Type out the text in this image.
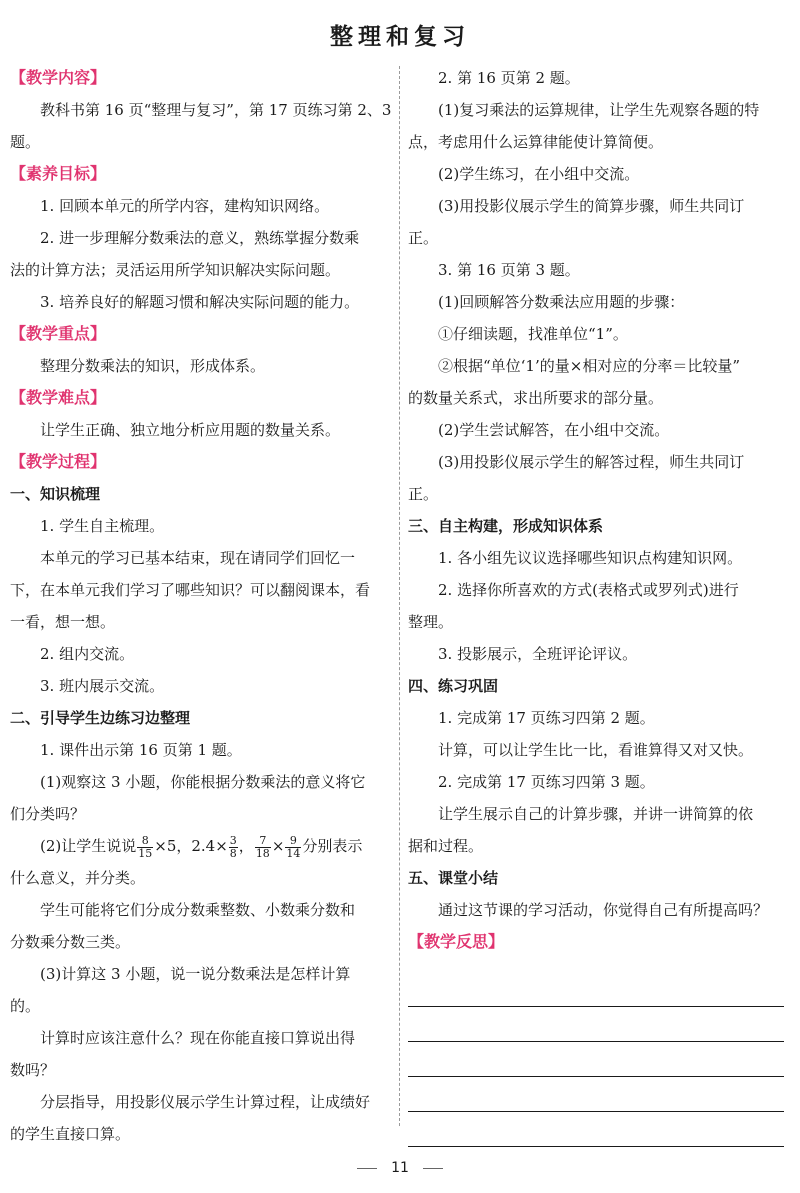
整理和复习
【教学内容】
教科书第 16 页“整理与复习”，第 17 页练习第 2、3
题。
【素养目标】
1. 回顾本单元的所学内容，建构知识网络。
2. 进一步理解分数乘法的意义，熟练掌握分数乘
法的计算方法；灵活运用所学知识解决实际问题。
3. 培养良好的解题习惯和解决实际问题的能力。
【教学重点】
整理分数乘法的知识，形成体系。
【教学难点】
让学生正确、独立地分析应用题的数量关系。
【教学过程】
一、知识梳理
1. 学生自主梳理。
本单元的学习已基本结束，现在请同学们回忆一
下，在本单元我们学习了哪些知识？可以翻阅课本，看
一看，想一想。
2. 组内交流。
3. 班内展示交流。
二、引导学生边练习边整理
1. 课件出示第 16 页第 1 题。
(1)观察这 3 小题，你能根据分数乘法的意义将它
们分类吗？
(2)让学生说说 $\frac{8}{15} \times 5$，$2.4\times \frac{3}{8}$ ， $\frac{7}{18} \times \frac{9}{14}$ 分别表示
什么意义，并分类。
学生可能将它们分成分数乘整数、小数乘分数和
分数乘分数三类。
(3)计算这 3 小题，说一说分数乘法是怎样计算
的。
计算时应该注意什么？现在你能直接口算说出得
数吗？
分层指导，用投影仪展示学生计算过程，让成绩好
的学生直接口算。
2. 第 16 页第 2 题。
(1)复习乘法的运算规律，让学生先观察各题的特
点，考虑用什么运算律能使计算简便。
(2)学生练习，在小组中交流。
(3)用投影仪展示学生的简算步骤，师生共同订
正。
3. 第 16 页第 3 题。
(1)回顾解答分数乘法应用题的步骤：
①仔细读题，找准单位“1”。
②根据“单位‘1’的量×相对应的分率＝比较量”
的数量关系式，求出所要求的部分量。
(2)学生尝试解答，在小组中交流。
(3)用投影仪展示学生的解答过程，师生共同订
正。
三、自主构建，形成知识体系
1. 各小组先议议选择哪些知识点构建知识网。
2. 选择你所喜欢的方式(表格式或罗列式)进行
整理。
3. 投影展示，全班评论评议。
四、练习巩固
1. 完成第 17 页练习四第 2 题。
计算，可以让学生比一比，看谁算得又对又快。
2. 完成第 17 页练习四第 3 题。
让学生展示自己的计算步骤，并讲一讲简算的依
据和过程。
五、课堂小结
通过这节课的学习活动，你觉得自己有所提高吗？
【教学反思】
11
